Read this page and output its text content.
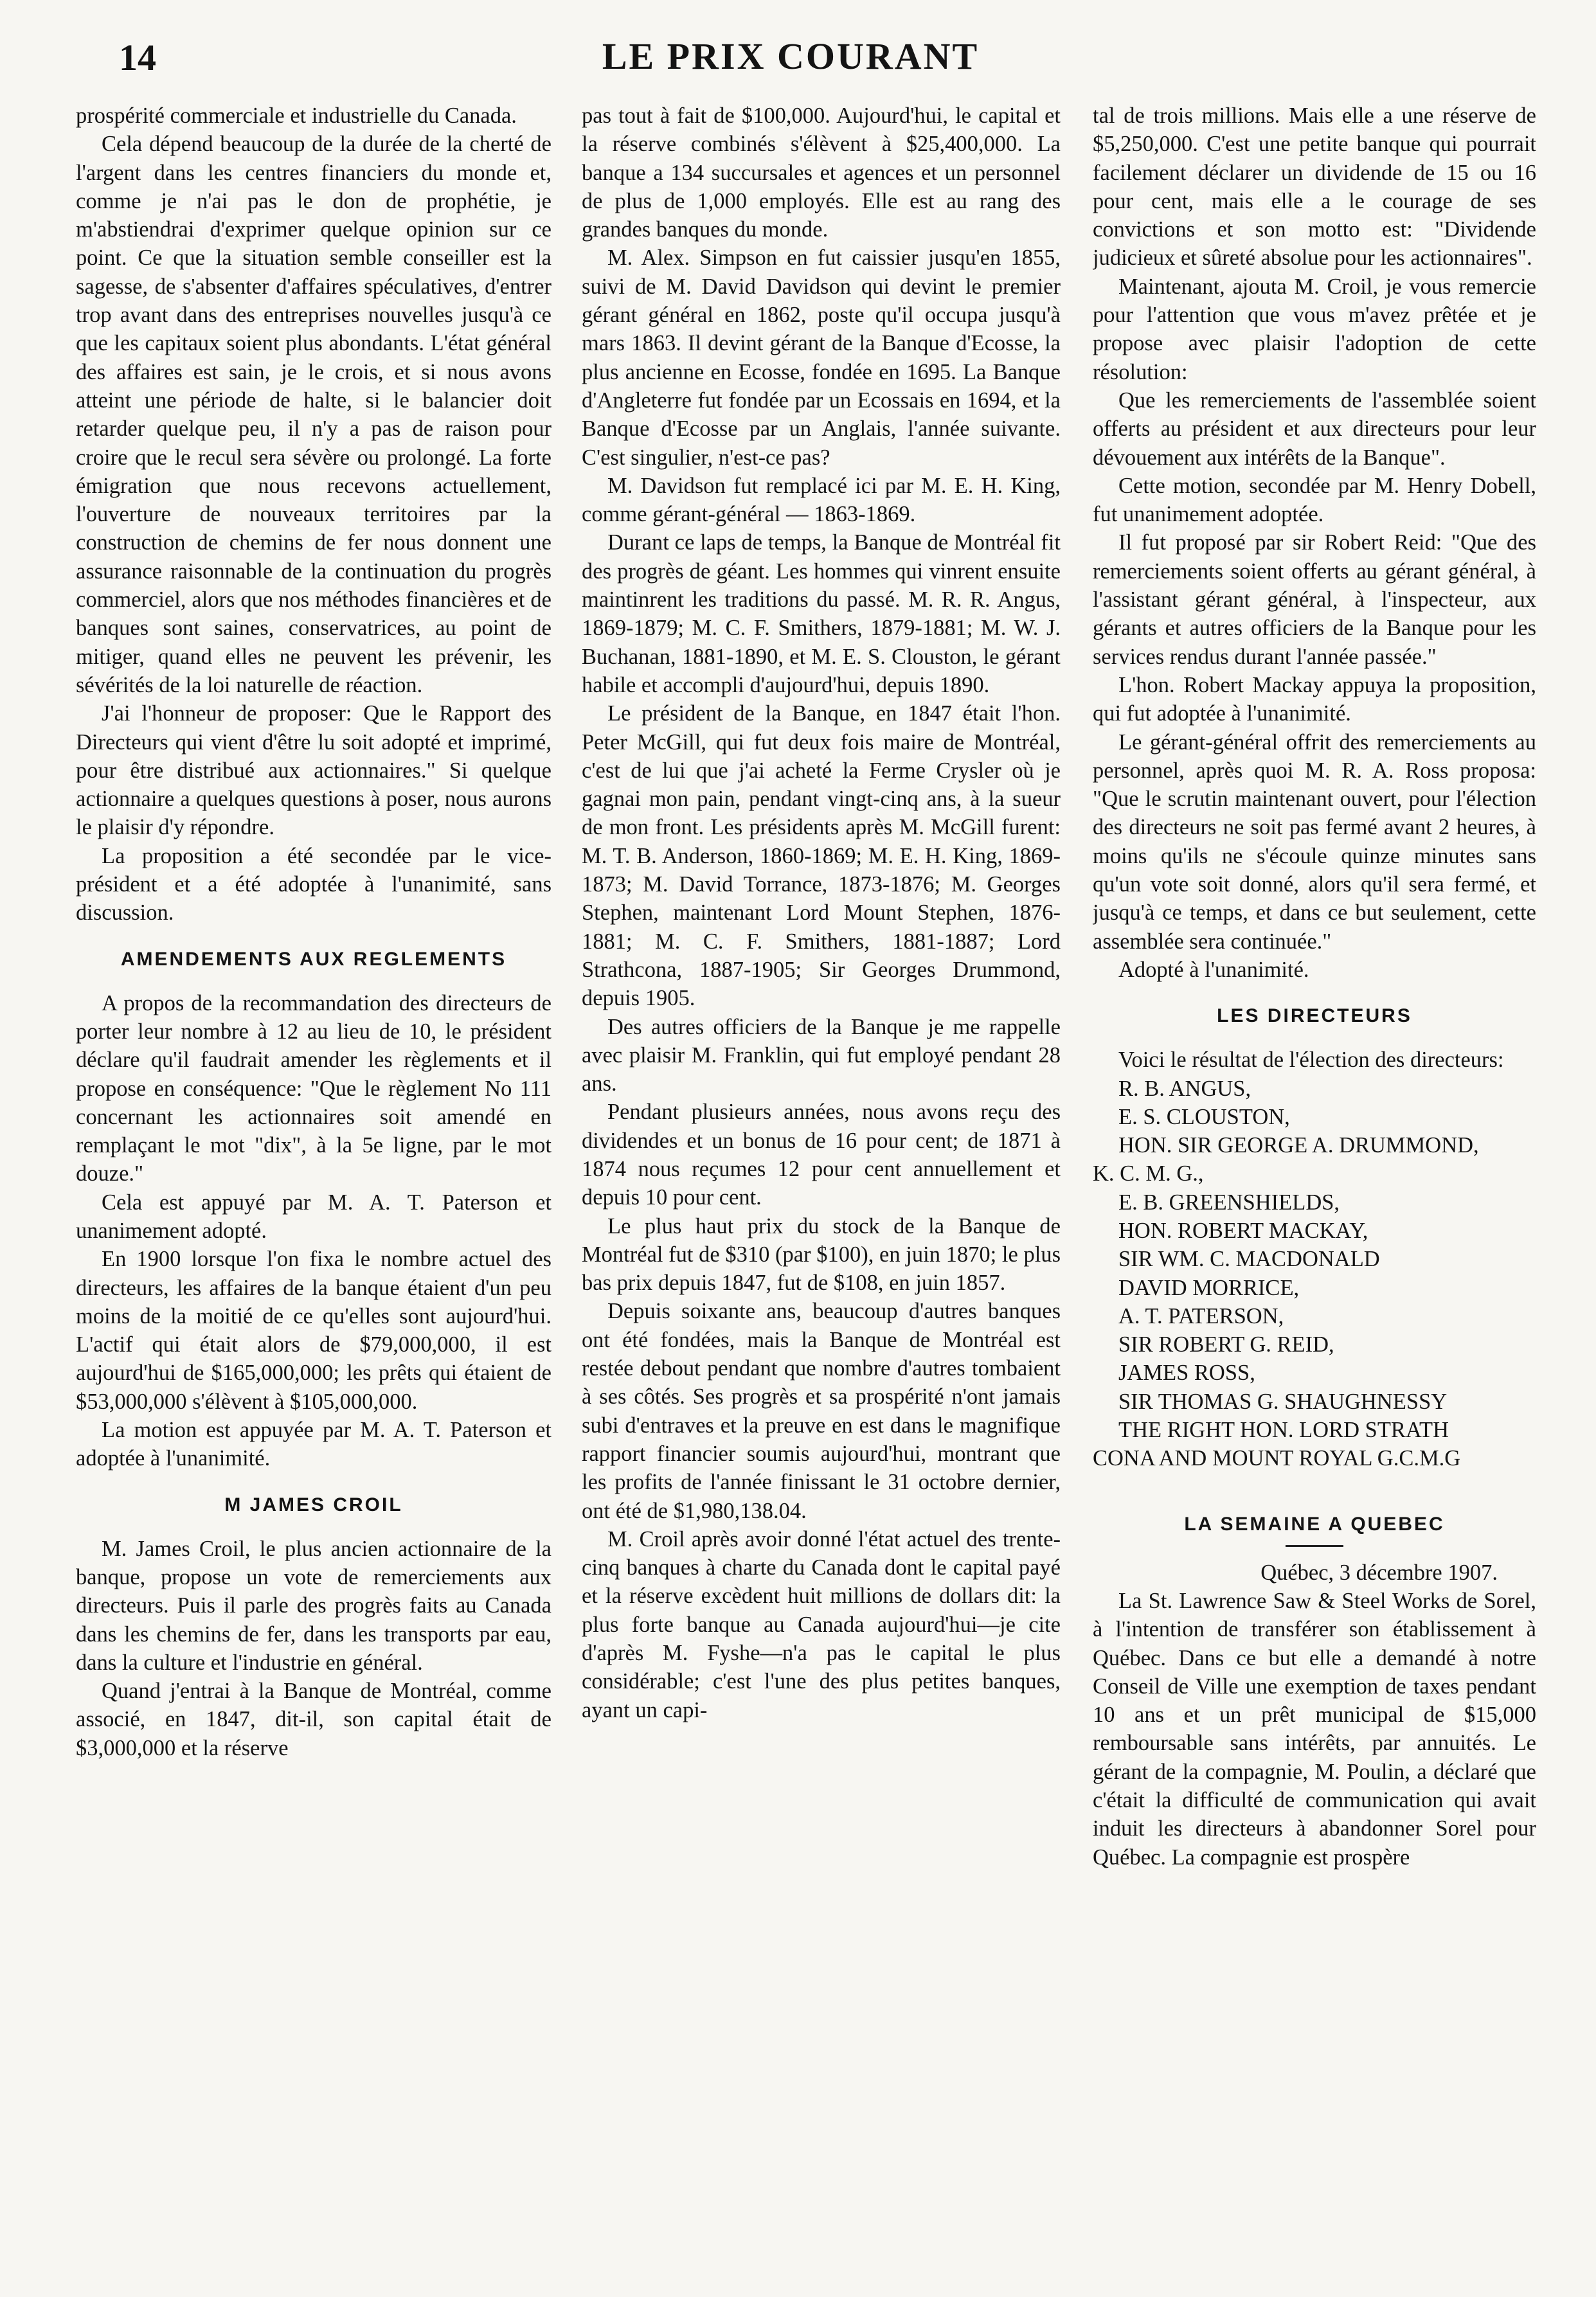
14	LE PRIX COURANT

prospérité commerciale et industrielle du Canada.

Cela dépend beaucoup de la durée de la cherté de l'argent dans les centres financiers du monde et, comme je n'ai pas le don de prophétie, je m'abstiendrai d'exprimer quelque opinion sur ce point. Ce que la situation semble conseiller est la sagesse, de s'absenter d'affaires spéculatives, d'entrer trop avant dans des entreprises nouvelles jusqu'à ce que les capitaux soient plus abondants. L'état général des affaires est sain, je le crois, et si nous avons atteint une période de halte, si le balancier doit retarder quelque peu, il n'y a pas de raison pour croire que le recul sera sévère ou prolongé. La forte émigration que nous recevons actuellement, l'ouverture de nouveaux territoires par la construction de chemins de fer nous donnent une assurance raisonnable de la continuation du progrès commerciel, alors que nos méthodes financières et de banques sont saines, conservatrices, au point de mitiger, quand elles ne peuvent les prévenir, les sévérités de la loi naturelle de réaction.

J'ai l'honneur de proposer: Que le Rapport des Directeurs qui vient d'être lu soit adopté et imprimé, pour être distribué aux actionnaires." Si quelque actionnaire a quelques questions à poser, nous aurons le plaisir d'y répondre.

La proposition a été secondée par le vice-président et a été adoptée à l'unanimité, sans discussion.

AMENDEMENTS AUX REGLEMENTS

A propos de la recommandation des directeurs de porter leur nombre à 12 au lieu de 10, le président déclare qu'il faudrait amender les règlements et il propose en conséquence: "Que le règlement No 111 concernant les actionnaires soit amendé en remplaçant le mot "dix", à la 5e ligne, par le mot douze."

Cela est appuyé par M. A. T. Paterson et unanimement adopté.

En 1900 lorsque l'on fixa le nombre actuel des directeurs, les affaires de la banque étaient d'un peu moins de la moitié de ce qu'elles sont aujourd'hui. L'actif qui était alors de $79,000,000, il est aujourd'hui de $165,000,000; les prêts qui étaient de $53,000,000 s'élèvent à $105,000,000.

La motion est appuyée par M. A. T. Paterson et adoptée à l'unanimité.

M JAMES CROIL

M. James Croil, le plus ancien actionnaire de la banque, propose un vote de remerciements aux directeurs. Puis il parle des progrès faits au Canada dans les chemins de fer, dans les transports par eau, dans la culture et l'industrie en général.

Quand j'entrai à la Banque de Montréal, comme associé, en 1847, dit-il, son capital était de $3,000,000 et la réserve

pas tout à fait de $100,000. Aujourd'hui, le capital et la réserve combinés s'élèvent à $25,400,000. La banque a 134 succursales et agences et un personnel de plus de 1,000 employés. Elle est au rang des grandes banques du monde.

M. Alex. Simpson en fut caissier jusqu'en 1855, suivi de M. David Davidson qui devint le premier gérant général en 1862, poste qu'il occupa jusqu'à mars 1863. Il devint gérant de la Banque d'Ecosse, la plus ancienne en Ecosse, fondée en 1695. La Banque d'Angleterre fut fondée par un Ecossais en 1694, et la Banque d'Ecosse par un Anglais, l'année suivante. C'est singulier, n'est-ce pas?

M. Davidson fut remplacé ici par M. E. H. King, comme gérant-général — 1863-1869.

Durant ce laps de temps, la Banque de Montréal fit des progrès de géant. Les hommes qui vinrent ensuite maintinrent les traditions du passé. M. R. R. Angus, 1869-1879; M. C. F. Smithers, 1879-1881; M. W. J. Buchanan, 1881-1890, et M. E. S. Clouston, le gérant habile et accompli d'aujourd'hui, depuis 1890.

Le président de la Banque, en 1847 était l'hon. Peter McGill, qui fut deux fois maire de Montréal, c'est de lui que j'ai acheté la Ferme Crysler où je gagnai mon pain, pendant vingt-cinq ans, à la sueur de mon front. Les présidents après M. McGill furent: M. T. B. Anderson, 1860-1869; M. E. H. King, 1869-1873; M. David Torrance, 1873-1876; M. Georges Stephen, maintenant Lord Mount Stephen, 1876-1881; M. C. F. Smithers, 1881-1887; Lord Strathcona, 1887-1905; Sir Georges Drummond, depuis 1905.

Des autres officiers de la Banque je me rappelle avec plaisir M. Franklin, qui fut employé pendant 28 ans.

Pendant plusieurs années, nous avons reçu des dividendes et un bonus de 16 pour cent; de 1871 à 1874 nous reçumes 12 pour cent annuellement et depuis 10 pour cent.

Le plus haut prix du stock de la Banque de Montréal fut de $310 (par $100), en juin 1870; le plus bas prix depuis 1847, fut de $108, en juin 1857.

Depuis soixante ans, beaucoup d'autres banques ont été fondées, mais la Banque de Montréal est restée debout pendant que nombre d'autres tombaient à ses côtés. Ses progrès et sa prospérité n'ont jamais subi d'entraves et la preuve en est dans le magnifique rapport financier soumis aujourd'hui, montrant que les profits de l'année finissant le 31 octobre dernier, ont été de $1,980,138.04.

M. Croil après avoir donné l'état actuel des trente-cinq banques à charte du Canada dont le capital payé et la réserve excèdent huit millions de dollars dit: la plus forte banque au Canada aujourd'hui—je cite d'après M. Fyshe—n'a pas le capital le plus considérable; c'est l'une des plus petites banques, ayant un capi-

tal de trois millions. Mais elle a une réserve de $5,250,000. C'est une petite banque qui pourrait facilement déclarer un dividende de 15 ou 16 pour cent, mais elle a le courage de ses convictions et son motto est: "Dividende judicieux et sûreté absolue pour les actionnaires".

Maintenant, ajouta M. Croil, je vous remercie pour l'attention que vous m'avez prêtée et je propose avec plaisir l'adoption de cette résolution:

Que les remerciements de l'assemblée soient offerts au président et aux directeurs pour leur dévouement aux intérêts de la Banque".

Cette motion, secondée par M. Henry Dobell, fut unanimement adoptée.

Il fut proposé par sir Robert Reid: "Que des remerciements soient offerts au gérant général, à l'assistant gérant général, à l'inspecteur, aux gérants et autres officiers de la Banque pour les services rendus durant l'année passée."

L'hon. Robert Mackay appuya la proposition, qui fut adoptée à l'unanimité.

Le gérant-général offrit des remerciements au personnel, après quoi M. R. A. Ross proposa: "Que le scrutin maintenant ouvert, pour l'élection des directeurs ne soit pas fermé avant 2 heures, à moins qu'ils ne s'écoule quinze minutes sans qu'un vote soit donné, alors qu'il sera fermé, et jusqu'à ce temps, et dans ce but seulement, cette assemblée sera continuée."

Adopté à l'unanimité.

LES DIRECTEURS

Voici le résultat de l'élection des directeurs:

R. B. ANGUS,
E. S. CLOUSTON,
HON. SIR GEORGE A. DRUMMOND,
K. C. M. G.,
E. B. GREENSHIELDS,
HON. ROBERT MACKAY,
SIR WM. C. MACDONALD
DAVID MORRICE,
A. T. PATERSON,
SIR ROBERT G. REID,
JAMES ROSS,
SIR THOMAS G. SHAUGHNESSY
THE RIGHT HON. LORD STRATH
CONA AND MOUNT ROYAL G.C.M.G
LA SEMAINE A QUEBEC

Québec, 3 décembre 1907.

La St. Lawrence Saw & Steel Works de Sorel, à l'intention de transférer son établissement à Québec. Dans ce but elle a demandé à notre Conseil de Ville une exemption de taxes pendant 10 ans et un prêt municipal de $15,000 remboursable sans intérêts, par annuités. Le gérant de la compagnie, M. Poulin, a déclaré que c'était la difficulté de communication qui avait induit les directeurs à abandonner Sorel pour Québec. La compagnie est prospère
